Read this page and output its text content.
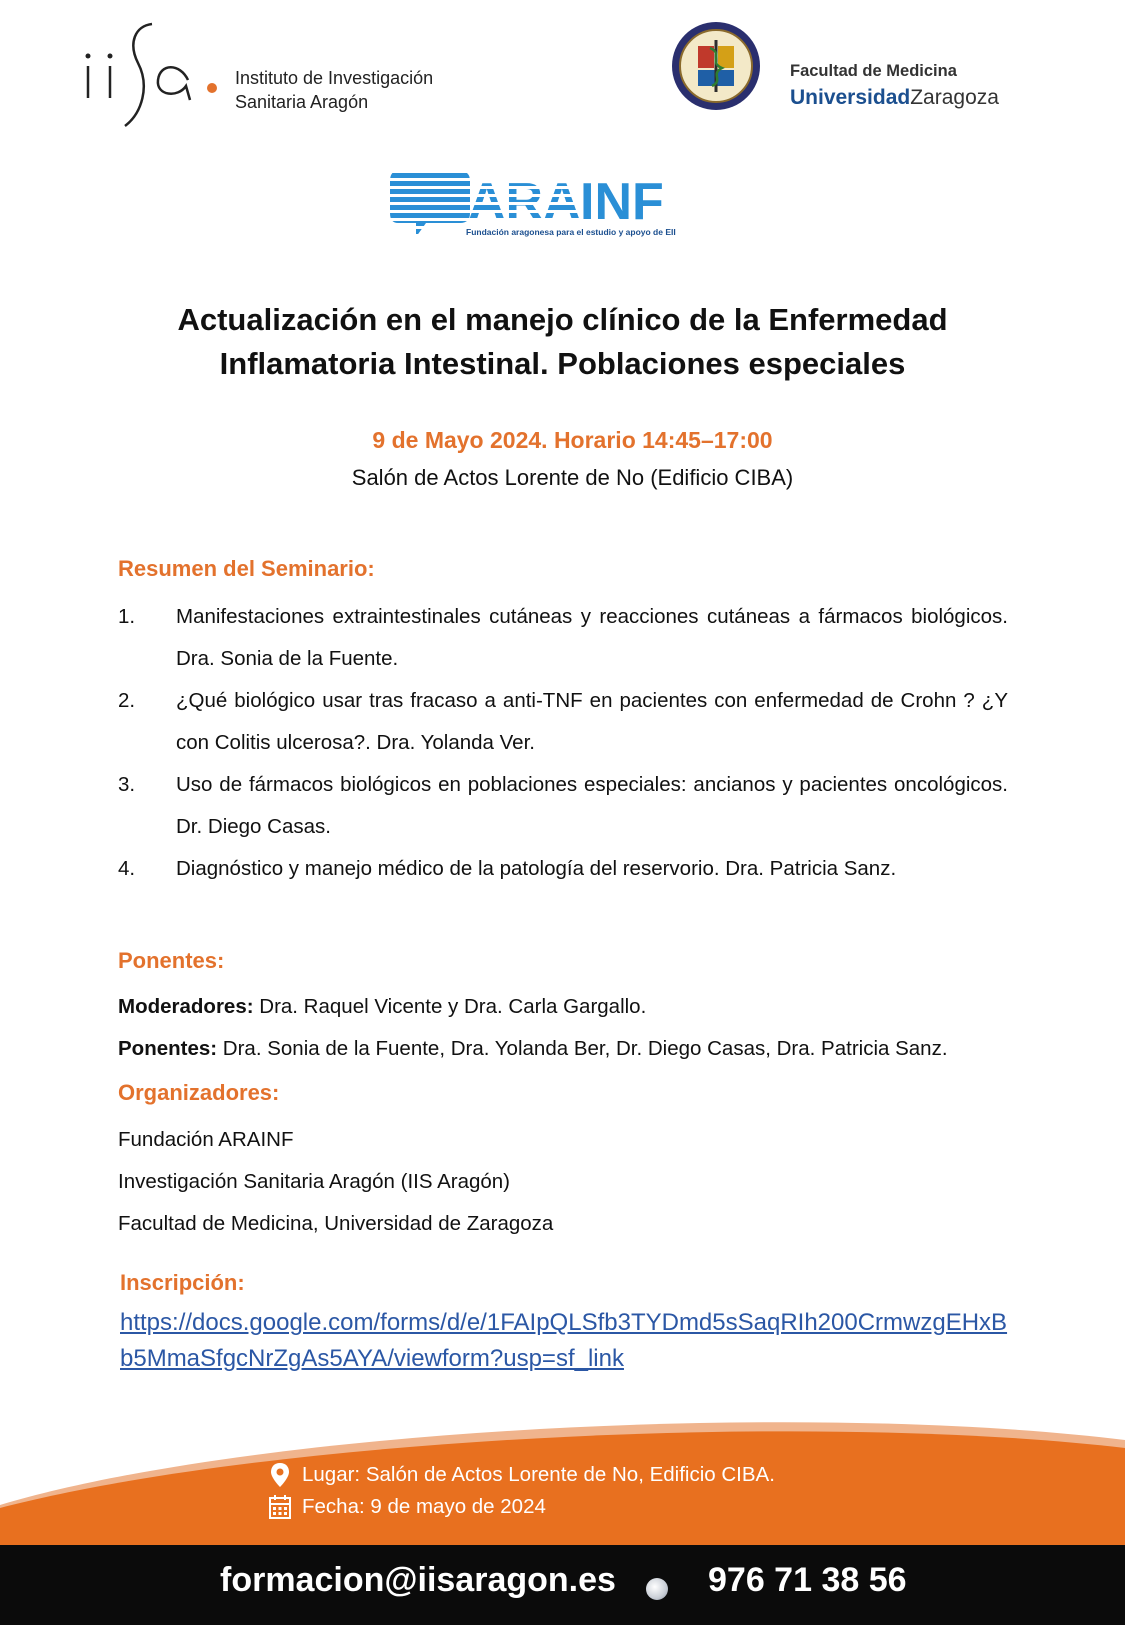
Instituto de Investigación
Sanitaria Aragón
Facultad de Medicina
UniversidadZaragoza
ARA INF
Fundación aragonesa para el estudio y apoyo de EII
Actualización en el manejo clínico de la Enfermedad
Inflamatoria Intestinal. Poblaciones especiales
9 de Mayo 2024. Horario 14:45–17:00
Salón de Actos Lorente de No (Edificio CIBA)
Resumen del Seminario:
1.	Manifestaciones extraintestinales cutáneas y reacciones cutáneas a fármacos biológicos. Dra. Sonia de la Fuente.
2.	¿Qué biológico usar tras fracaso a anti-TNF en pacientes con enfermedad de Crohn ? ¿Y con Colitis ulcerosa?. Dra. Yolanda Ver.
3.	Uso de fármacos biológicos en poblaciones especiales: ancianos y pacientes oncológicos. Dr. Diego Casas.
4.	Diagnóstico y manejo médico de la patología del reservorio. Dra. Patricia Sanz.
Ponentes:
Moderadores: Dra. Raquel Vicente y Dra. Carla Gargallo.
Ponentes: Dra. Sonia de la Fuente, Dra. Yolanda Ber, Dr. Diego Casas, Dra. Patricia Sanz.
Organizadores:
Fundación ARAINF
Investigación Sanitaria Aragón (IIS Aragón)
Facultad de Medicina, Universidad de Zaragoza
Inscripción:
https://docs.google.com/forms/d/e/1FAIpQLSfb3TYDmd5sSaqRIh200CrmwzgEHxBb5MmaSfgcNrZgAs5AYA/viewform?usp=sf_link
Lugar: Salón de Actos Lorente de No, Edificio CIBA.
Fecha: 9 de mayo de 2024
formacion@iisaragon.es	976 71 38 56
